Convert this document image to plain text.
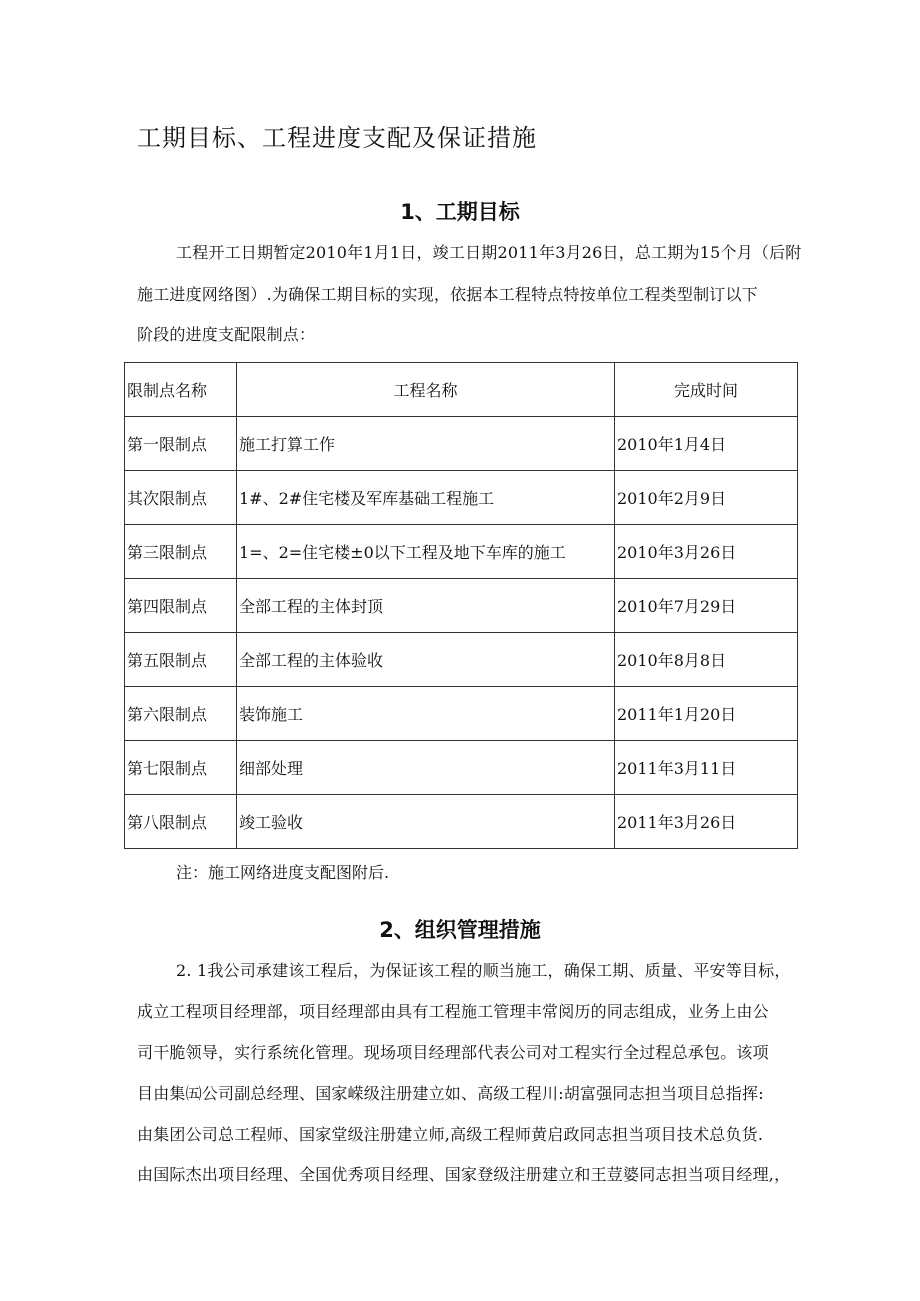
工期目标、工程进度支配及保证措施
1、工期目标
工程开工日期暂定2010年1月1日，竣工日期2011年3月26日，总工期为15个月（后附
施工进度网络图）.为确保工期目标的实现，依据本工程特点特按单位工程类型制订以下
阶段的进度支配限制点：
限制点名称	工程名称	完成时间
第一限制点	施工打算工作	2010年1月4日
其次限制点	1#、2#住宅楼及军库基础工程施工	2010年2月9日
第三限制点	1=、2=住宅楼±0以下工程及地下车库的施工	2010年3月26日
第四限制点	全部工程的主体封顶	2010年7月29日
第五限制点	全部工程的主体验收	2010年8月8日
第六限制点	装饰施工	2011年1月20日
第七限制点	细部处理	2011年3月11日
第八限制点	竣工验收	2011年3月26日
注：施工网络进度支配图附后.
2、组织管理措施
2. 1我公司承建该工程后，为保证该工程的顺当施工，确保工期、质量、平安等目标，
成立工程项目经理部，项目经理部由具有工程施工管理丰常阅历的同志组成，业务上由公
司干脆领导，实行系统化管理。现场项目经理部代表公司对工程实行全过程总承包。该项
目由集㈤公司副总经理、国家嵘级注册建立如、高级工程川:胡富强同志担当项目总指挥:
由集团公司总工程师、国家堂级注册建立师,高级工程师黄启政同志担当项目技术总负货.
由国际杰出项目经理、全国优秀项目经理、国家登级注册建立和王荳婆同志担当项目经理,，
